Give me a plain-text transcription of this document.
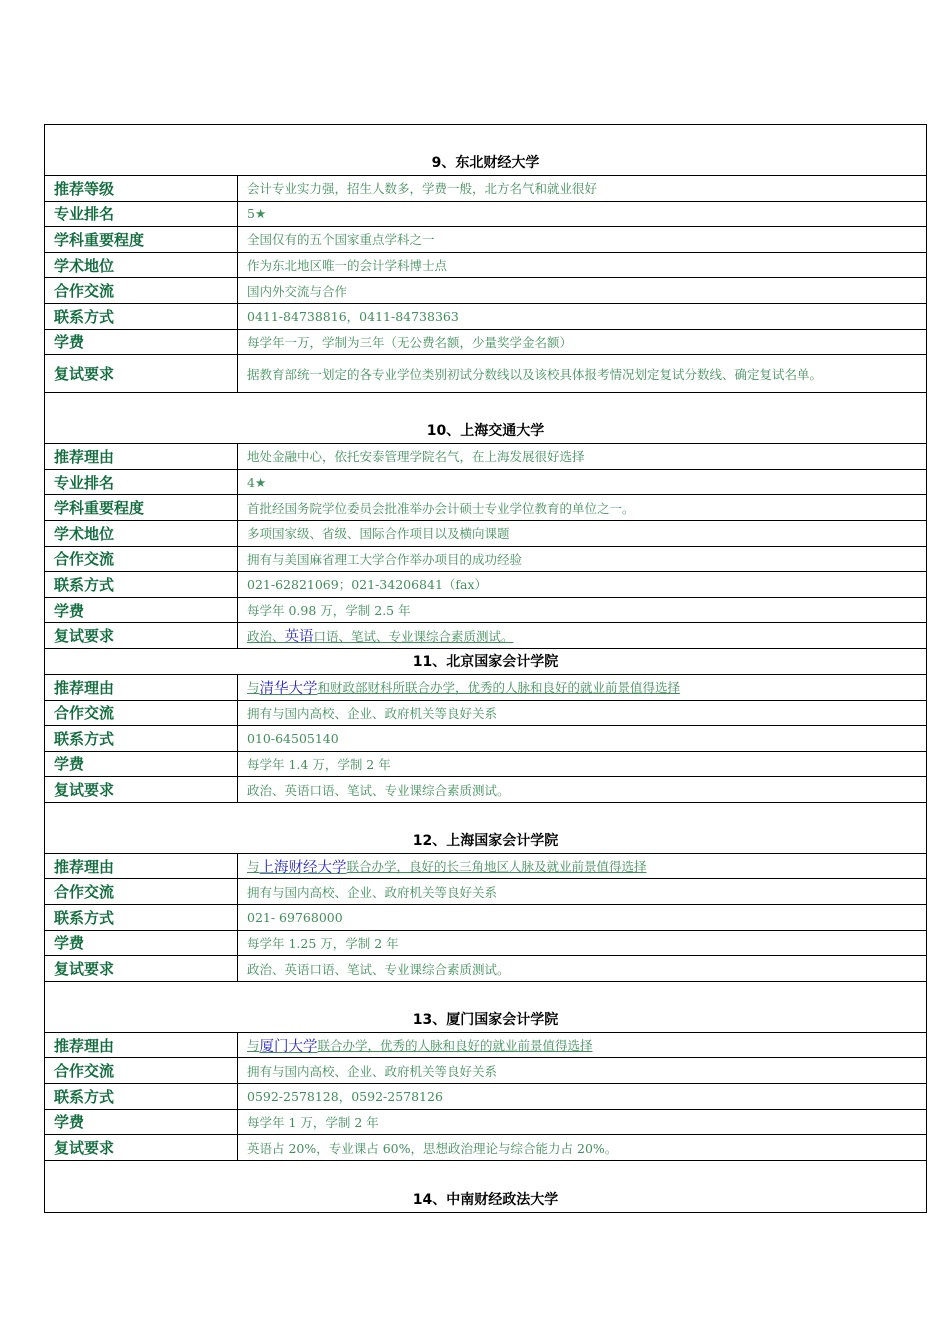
9、东北财经大学
推荐等级	会计专业实力强，招生人数多，学费一般，北方名气和就业很好
专业排名	5★
学科重要程度	全国仅有的五个国家重点学科之一
学术地位	作为东北地区唯一的会计学科博士点
合作交流	国内外交流与合作
联系方式	0411-84738816，0411-84738363
学费	每学年一万，学制为三年（无公费名额，少量奖学金名额）
复试要求	据教育部统一划定的各专业学位类别初试分数线以及该校具体报考情况划定复试分数线、确定复试名单。
10、上海交通大学
推荐理由	地处金融中心，依托安泰管理学院名气，在上海发展很好选择
专业排名	4★
学科重要程度	首批经国务院学位委员会批准举办会计硕士专业学位教育的单位之一。
学术地位	多项国家级、省级、国际合作项目以及横向课题
合作交流	拥有与美国麻省理工大学合作举办项目的成功经验
联系方式	021-62821069；021-34206841（fax）
学费	每学年 0.98 万，学制 2.5 年
复试要求	政治、 英语 口语、笔试、专业课综合素质测试。
11、北京国家会计学院
推荐理由	与 清华大学 和财政部财科所联合办学，优秀的人脉和良好的就业前景值得选择
合作交流	拥有与国内高校、企业、政府机关等良好关系
联系方式	010-64505140
学费	每学年 1.4 万，学制 2 年
复试要求	政治、英语口语、笔试、专业课综合素质测试。
12、上海国家会计学院
推荐理由	与 上海财经大学 联合办学，良好的长三角地区人脉及就业前景值得选择
合作交流	拥有与国内高校、企业、政府机关等良好关系
联系方式	021- 69768000
学费	每学年 1.25 万，学制 2 年
复试要求	政治、英语口语、笔试、专业课综合素质测试。
13、厦门国家会计学院
推荐理由	与 厦门大学 联合办学，优秀的人脉和良好的就业前景值得选择
合作交流	拥有与国内高校、企业、政府机关等良好关系
联系方式	0592-2578128，0592-2578126
学费	每学年 1 万，学制 2 年
复试要求	英语占 20%，专业课占 60%，思想政治理论与综合能力占 20%。
14、中南财经政法大学
